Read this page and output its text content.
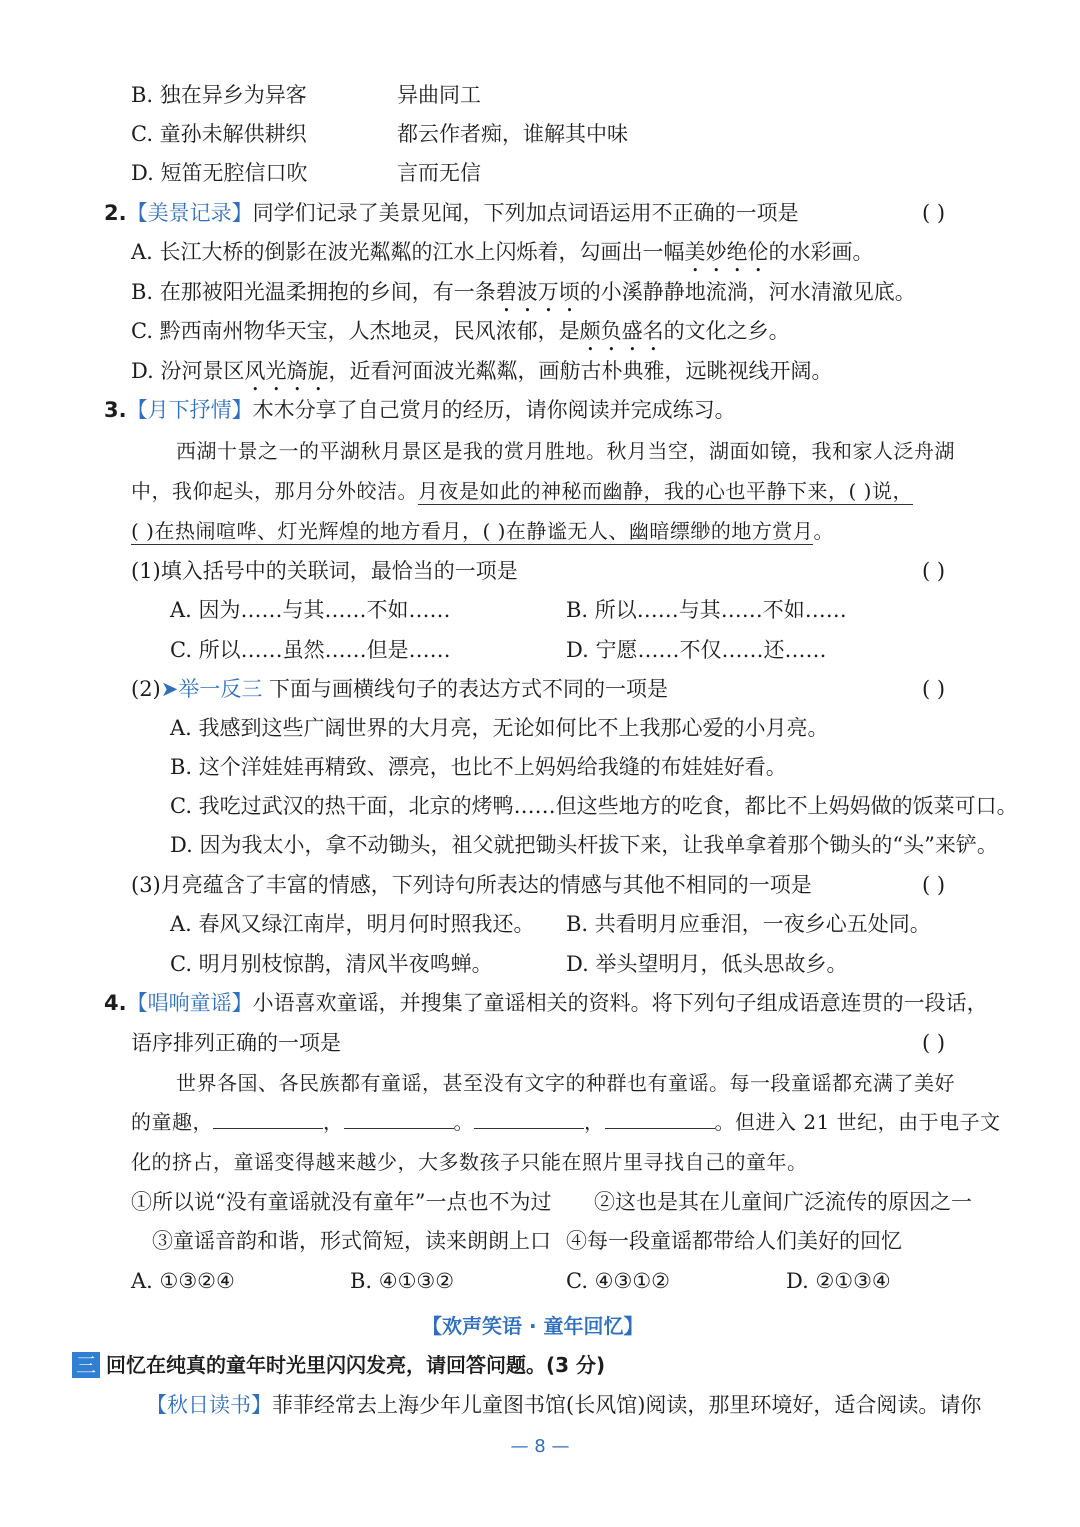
B. 独在异乡为异客	异曲同工
C. 童孙未解供耕织	都云作者痴，谁解其中味
D. 短笛无腔信口吹	言而无信
2.【美景记录】同学们记录了美景见闻，下列加点词语运用不正确的一项是	( )
A. 长江大桥的倒影在波光粼粼的江水上闪烁着，勾画出一幅美妙绝伦的水彩画。
B. 在那被阳光温柔拥抱的乡间，有一条碧波万顷的小溪静静地流淌，河水清澈见底。
C. 黔西南州物华天宝，人杰地灵，民风浓郁，是颇负盛名的文化之乡。
D. 汾河景区风光旖旎，近看河面波光粼粼，画舫古朴典雅，远眺视线开阔。
3.【月下抒情】木木分享了自己赏月的经历，请你阅读并完成练习。
西湖十景之一的平湖秋月景区是我的赏月胜地。秋月当空，湖面如镜，我和家人泛舟湖
中，我仰起头，那月分外皎洁。月夜是如此的神秘而幽静，我的心也平静下来，( )说，
( )在热闹喧哗、灯光辉煌的地方看月，( )在静谧无人、幽暗缥缈的地方赏月。
(1)填入括号中的关联词，最恰当的一项是	( )
A. 因为……与其……不如……	B. 所以……与其……不如……
C. 所以……虽然……但是……	D. 宁愿……不仅……还……
(2)➤举一反三 下面与画横线句子的表达方式不同的一项是	( )
A. 我感到这些广阔世界的大月亮，无论如何比不上我那心爱的小月亮。
B. 这个洋娃娃再精致、漂亮，也比不上妈妈给我缝的布娃娃好看。
C. 我吃过武汉的热干面，北京的烤鸭……但这些地方的吃食，都比不上妈妈做的饭菜可口。
D. 因为我太小，拿不动锄头，祖父就把锄头杆拔下来，让我单拿着那个锄头的“头”来铲。
(3)月亮蕴含了丰富的情感，下列诗句所表达的情感与其他不相同的一项是	( )
A. 春风又绿江南岸，明月何时照我还。 B. 共看明月应垂泪，一夜乡心五处同。
C. 明月别枝惊鹊，清风半夜鸣蝉。	D. 举头望明月，低头思故乡。
4.【唱响童谣】小语喜欢童谣，并搜集了童谣相关的资料。将下列句子组成语意连贯的一段话，
语序排列正确的一项是	( )
世界各国、各民族都有童谣，甚至没有文字的种群也有童谣。每一段童谣都充满了美好
的童趣，	，	。	，	。但进入 21 世纪，由于电子文
化的挤占，童谣变得越来越少，大多数孩子只能在照片里寻找自己的童年。
①所以说“没有童谣就没有童年”一点也不为过 ②这也是其在儿童间广泛流传的原因之一
③童谣音韵和谐，形式简短，读来朗朗上口 ④每一段童谣都带给人们美好的回忆
A. ①③②④	B. ④①③②	C. ④③①②	D. ②①③④
【欢声笑语 · 童年回忆】
三 回忆在纯真的童年时光里闪闪发亮，请回答问题。(3 分)
【秋日读书】菲菲经常去上海少年儿童图书馆(长风馆)阅读，那里环境好，适合阅读。请你
— 8 —
